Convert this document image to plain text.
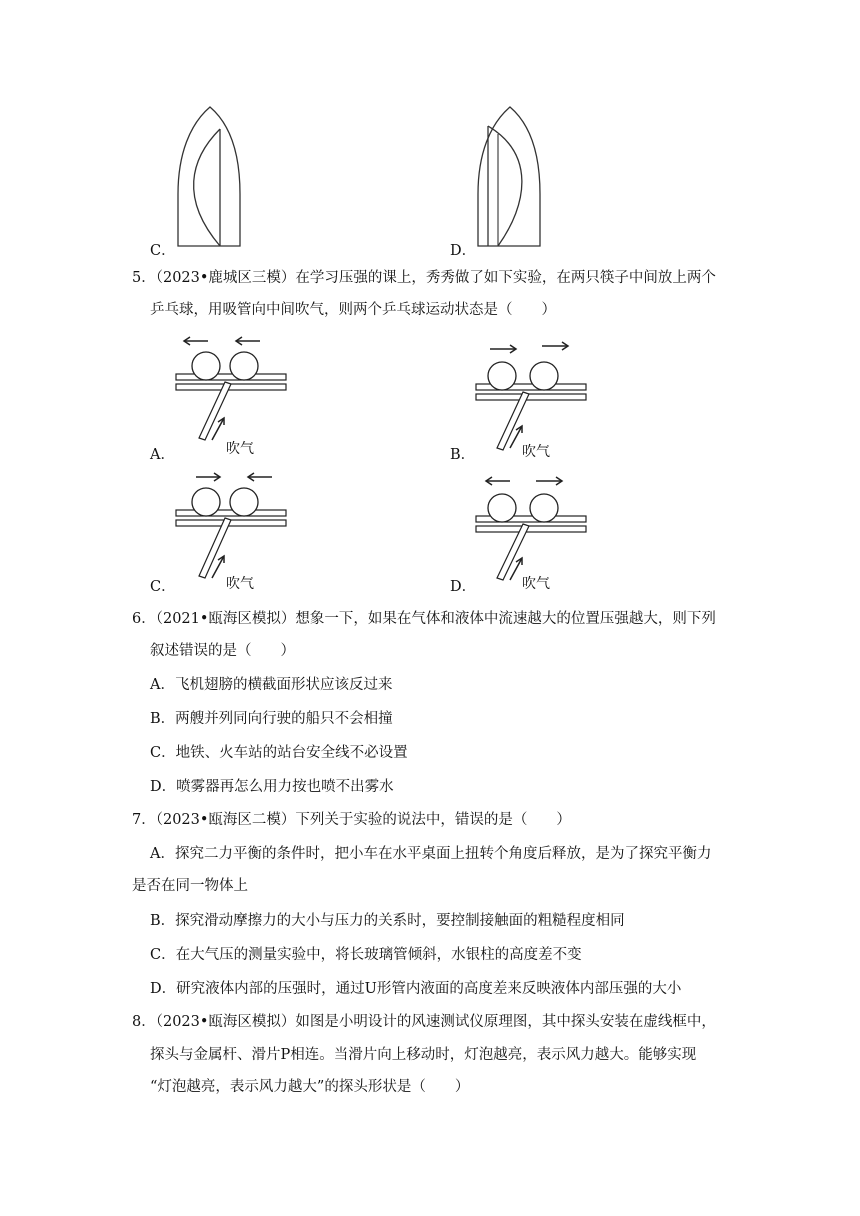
C．	D．
5．（2023•鹿城区三模）在学习压强的课上，秀秀做了如下实验，在两只筷子中间放上两个
乒乓球，用吸管向中间吹气，则两个乒乓球运动状态是（　　）
吹气
A．	吹气
B．
吹气
C．	吹气
D．
6．（2021•瓯海区模拟）想象一下，如果在气体和液体中流速越大的位置压强越大，则下列
叙述错误的是（　　）
A．飞机翅膀的横截面形状应该反过来
B．两艘并列同向行驶的船只不会相撞
C．地铁、火车站的站台安全线不必设置
D．喷雾器再怎么用力按也喷不出雾水
7．（2023•瓯海区二模）下列关于实验的说法中，错误的是（　　）
A．探究二力平衡的条件时，把小车在水平桌面上扭转个角度后释放，是为了探究平衡力
是否在同一物体上
B．探究滑动摩擦力的大小与压力的关系时，要控制接触面的粗糙程度相同
C．在大气压的测量实验中，将长玻璃管倾斜，水银柱的高度差不变
D．研究液体内部的压强时，通过U形管内液面的高度差来反映液体内部压强的大小
8．（2023•瓯海区模拟）如图是小明设计的风速测试仪原理图，其中探头安装在虚线框中，
探头与金属杆、滑片P相连。当滑片向上移动时，灯泡越亮，表示风力越大。能够实现
“灯泡越亮，表示风力越大”的探头形状是（　　）
